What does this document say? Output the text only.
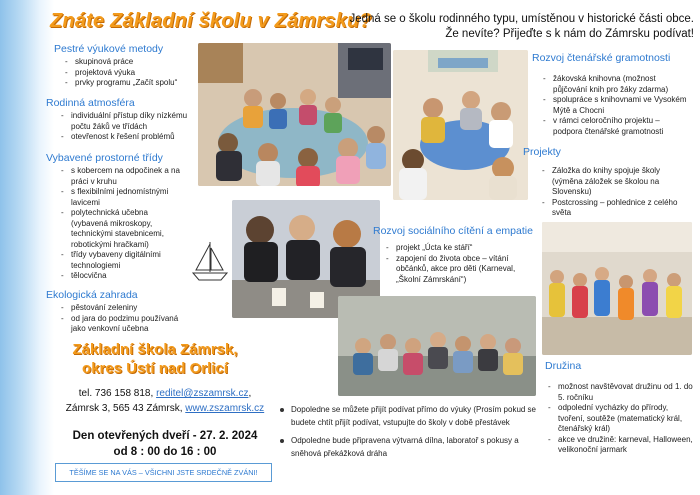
Znáte Základní školu v Zámrsku?
Jedná se o školu rodinného typu, umístěnou v historické části obce.
Že nevíte? Přijeďte s k nám do Zámrsku podívat!
Pestré výukové metody
- skupinová práce
- projektová výuka
- prvky programu „Začít spolu“
Rodinná atmosféra
- individuální přístup díky nízkému počtu žáků ve třídách
- otevřenost k řešení problémů
Vybavené prostorné třídy
- s kobercem na odpočinek a na práci v kruhu
- s flexibilními jednomístnými lavicemi
- polytechnická učebna (vybavená mikroskopy, technickými stavebnicemi, robotickými hračkami)
- třídy vybaveny digitálními technologiemi
- tělocvična
Ekologická zahrada
- pěstování zeleniny
- od jara do podzimu používaná jako venkovní učebna
Rozvoj čtenářské gramotnosti
- žákovská knihovna (možnost půjčování knih pro žáky zdarma)
- spolupráce s knihovnami ve Vysokém Mýtě a Chocni
- v rámci celoročního projektu – podpora čtenářské gramotnosti
Projekty
- Záložka do knihy spojuje školy (výměna záložek se školou na Slovensku)
- Postcrossing – pohlednice z celého světa
Rozvoj sociálního cítění a empatie
- projekt „Úcta ke stáří“
- zapojení do života obce – vítání občánků, akce pro děti (Karneval, „Školní Zámrskání“)
Družina
- možnost navštěvovat družinu od 1. do 5. ročníku
- odpolední vycházky do přírody, tvoření, soutěže (matematický král, čtenářský král)
- akce ve družině: karneval, Halloween, velikonoční jarmark
Základní škola Zámrsk,
okres Ústí nad Orlicí
tel. 736 158 818, reditel@zszamrsk.cz,
Zámrsk 3, 565 43 Zámrsk, www.zszamrsk.cz
Den otevřených dveří - 27. 2. 2024
od 8 : 00 do 16 : 00
TĚŠÍME SE NA VÁS – VŠICHNI JSTE SRDEČNĚ ZVÁNI!
Dopoledne se můžete přijít podívat přímo do výuky (Prosím pokud se budete chtít přijít podívat, vstupujte do školy v době přestávek
Odpoledne bude připravena výtvarná dílna, laboratoř s pokusy a sněhová překážková dráha
